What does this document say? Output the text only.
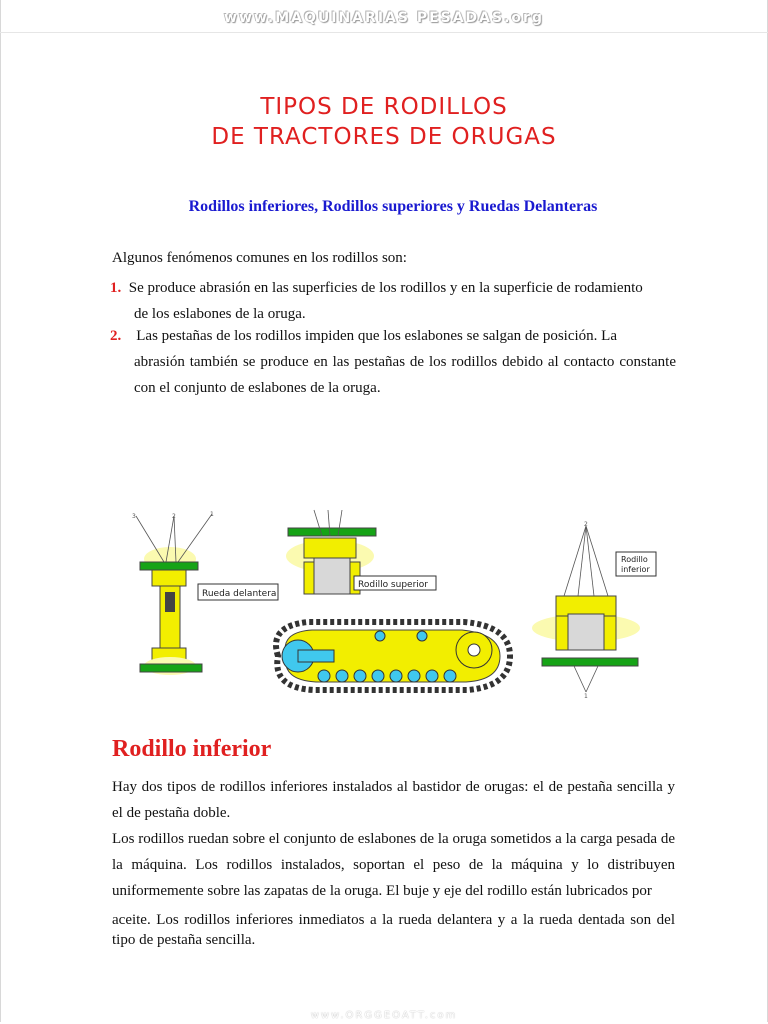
www.MAQUINARIAS PESADAS.org
TIPOS DE RODILLOS
DE TRACTORES DE ORUGAS
Rodillos inferiores, Rodillos superiores y Ruedas Delanteras
Algunos fenómenos comunes en los rodillos son:

1. Se produce abrasión en las superficies de los rodillos y en la superficie de rodamiento

de los eslabones de la oruga.

2. Las pestañas de los rodillos impiden que los eslabones se salgan de posición. La

abrasión también se produce en las pestañas de los rodillos debido al contacto constante con el conjunto de eslabones de la oruga.

3	2	1
Rueda delantera
Rodillo superior
2
1
Rodillo
inferior
Rodillo inferior

Hay dos tipos de rodillos inferiores instalados al bastidor de orugas: el de pestaña sencilla y el de pestaña doble.

Los rodillos ruedan sobre el conjunto de eslabones de la oruga sometidos a la carga pesada de la máquina. Los rodillos instalados, soportan el peso de la máquina y lo distribuyen uniformemente sobre las zapatas de la oruga. El buje y eje del rodillo están lubricados por

aceite. Los rodillos inferiores inmediatos a la rueda delantera y a la rueda dentada son del tipo de pestaña sencilla.

www.ORGGEOATT.com
